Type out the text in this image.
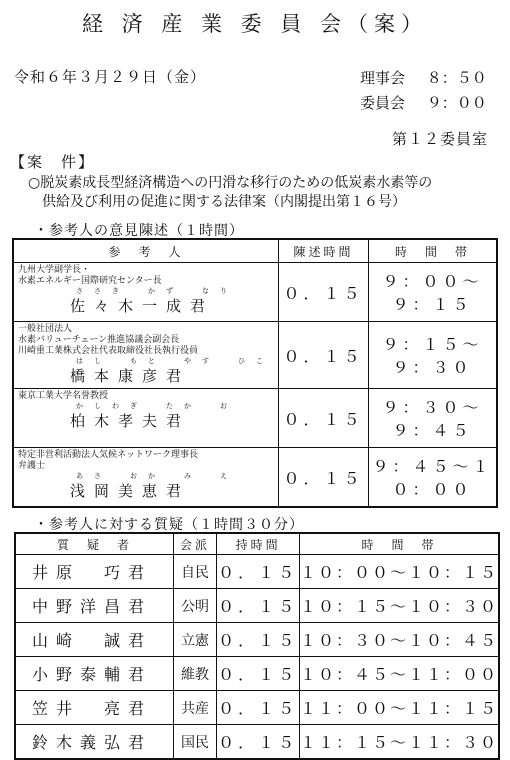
経 済 産 業 委 員 会（案）
令和６年３月２９日（金）	理事会 ８：５０
委員会 ９：００
第１２委員室
【案　件】
○脱炭素成長型経済構造への円滑な移行のための低炭素水素等の
供給及び利用の促進に関する法律案（内閣提出第１６号）
・参考人の意見陳述（１時間）
参　考　人	陳述時間	時　間　帯

九州大学副学長・
水素エネルギー国際研究センター長
ささき　かず　なり
佐々木一成君	０．１５	９：００～　９：１５

一般社団法人
水素バリューチェーン推進協議会副会長
川崎重工業株式会社代表取締役社長執行役員
はし　もと　やす　ひこ
橋本康彦君	０．１５	９：１５～　９：３０

東京工業大学名誉教授
かしわぎ　たか　お
柏木孝夫君	０．１５	９：３０～　９：４５

特定非営利活動法人気候ネットワーク理事長
弁護士
あさ　おか　み　え
浅岡美恵君	０．１５	９：４５～１０：００
・参考人に対する質疑（１時間３０分）
質　疑　者	会派	持時間	時　間　帯
井原　巧君	自民	０．１５	１０：００～１０：１５
中野洋昌君	公明	０．１５	１０：１５～１０：３０
山崎　誠君	立憲	０．１５	１０：３０～１０：４５
小野泰輔君	維教	０．１５	１０：４５～１１：００
笠井　亮君	共産	０．１５	１１：００～１１：１５
鈴木義弘君	国民	０．１５	１１：１５～１１：３０
